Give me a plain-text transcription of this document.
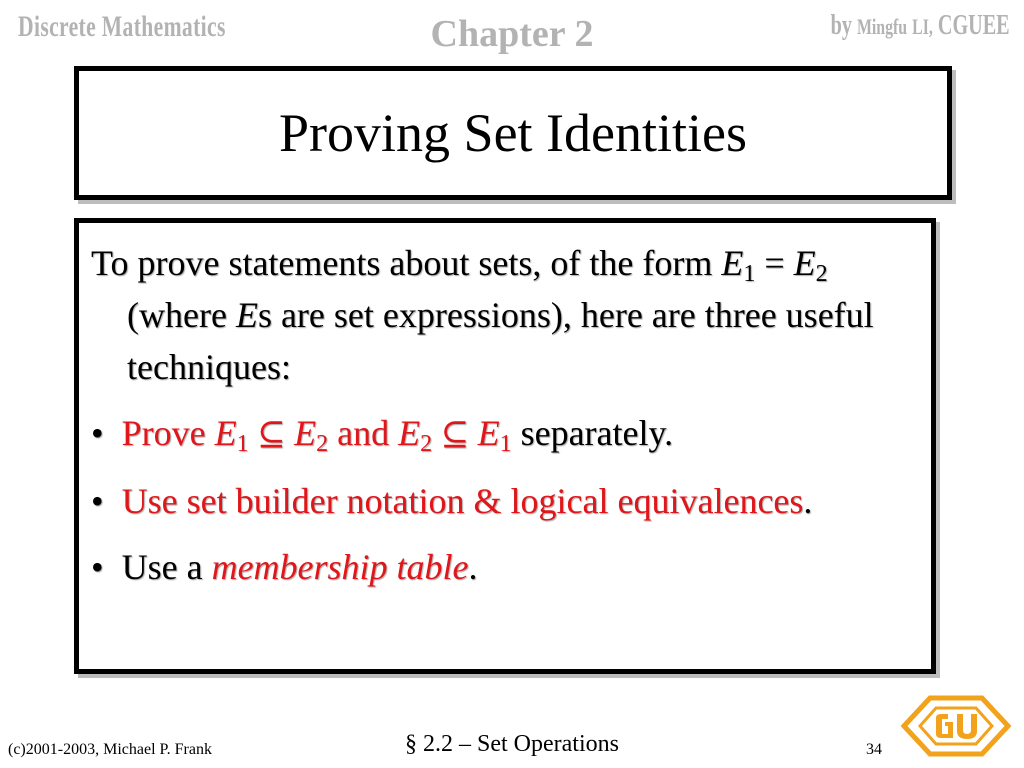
Discrete Mathematics	Chapter 2	by Mingfu LI, CGUEE
Proving Set Identities

To prove statements about sets, of the form $E_1 = E_2$ (where Es are set expressions), here are three useful techniques:

• Prove $E_1$ ⊆ $E_2$ and $E_2$ ⊆ $E_1$ separately.

• Use set builder notation & logical equivalences.

• Use a membership table.

(c)2001-2003, Michael P. Frank	§ 2.2 – Set Operations	34
